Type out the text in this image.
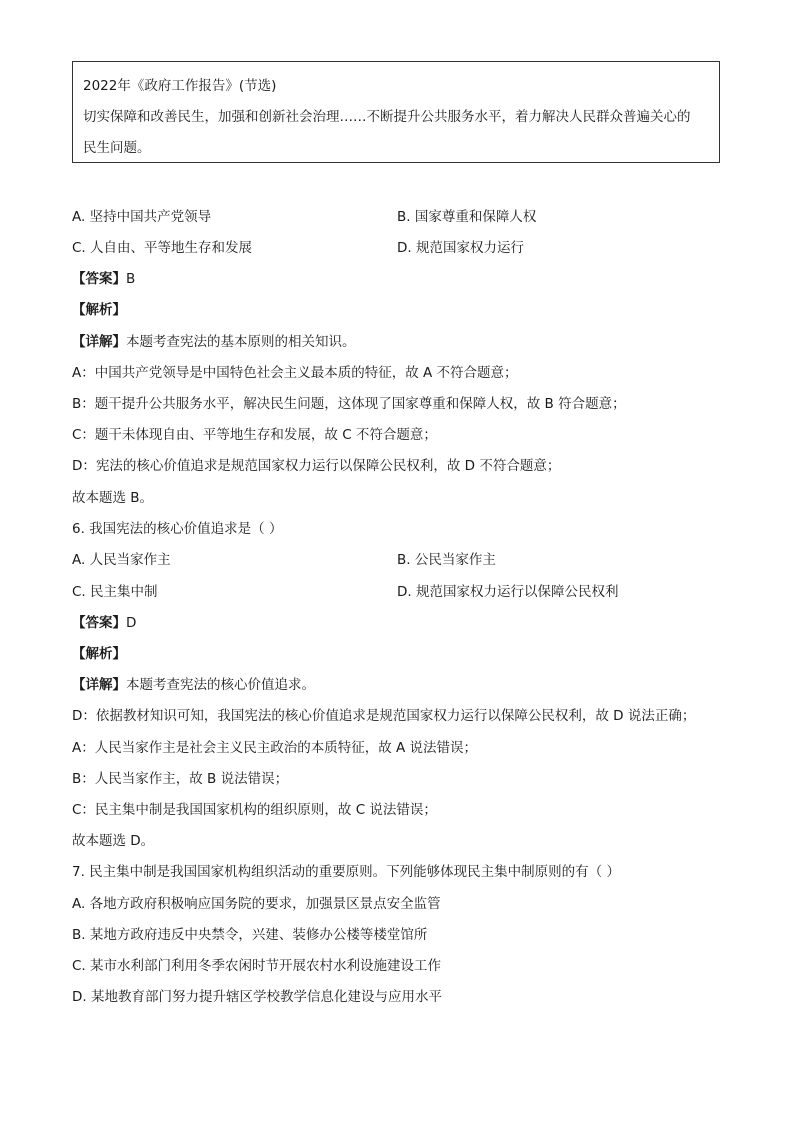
2022年《政府工作报告》(节选)
切实保障和改善民生，加强和创新社会治理……不断提升公共服务水平，着力解决人民群众普遍关心的
民生问题。
A. 坚持中国共产党领导	B. 国家尊重和保障人权
C. 人自由、平等地生存和发展	D. 规范国家权力运行
【答案】B
【解析】
【详解】本题考查宪法的基本原则的相关知识。
A：中国共产党领导是中国特色社会主义最本质的特征，故 A 不符合题意；
B：题干提升公共服务水平，解决民生问题，这体现了国家尊重和保障人权，故 B 符合题意；
C：题干未体现自由、平等地生存和发展，故 C 不符合题意；
D：宪法的核心价值追求是规范国家权力运行以保障公民权利，故 D 不符合题意；
故本题选 B。
6. 我国宪法的核心价值追求是（ ）
A. 人民当家作主	B. 公民当家作主
C. 民主集中制	D. 规范国家权力运行以保障公民权利
【答案】D
【解析】
【详解】本题考查宪法的核心价值追求。
D：依据教材知识可知，我国宪法的核心价值追求是规范国家权力运行以保障公民权利，故 D 说法正确；
A：人民当家作主是社会主义民主政治的本质特征，故 A 说法错误；
B：人民当家作主，故 B 说法错误；
C：民主集中制是我国国家机构的组织原则，故 C 说法错误；
故本题选 D。
7. 民主集中制是我国国家机构组织活动的重要原则。下列能够体现民主集中制原则的有（ ）
A. 各地方政府积极响应国务院的要求，加强景区景点安全监管
B. 某地方政府违反中央禁令，兴建、装修办公楼等楼堂馆所
C. 某市水利部门利用冬季农闲时节开展农村水利设施建设工作
D. 某地教育部门努力提升辖区学校教学信息化建设与应用水平
